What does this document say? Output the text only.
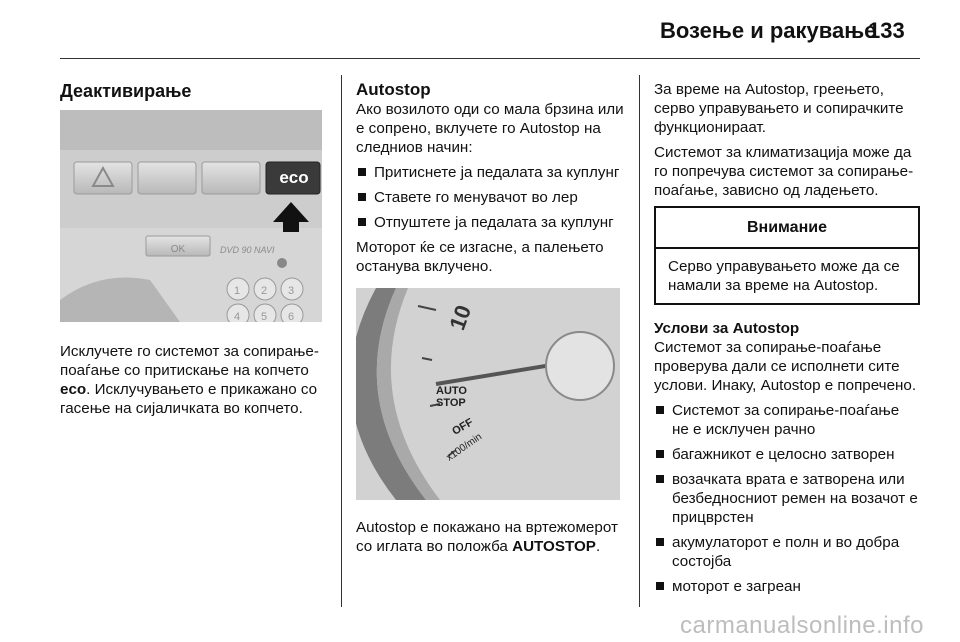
Возење и ракување
133
Деактивирање
eco
OK	DVD 90 NAVI
1 2 3
4 5 6

Исклучете го системот за сопирање-поаѓање со притискање на копчето eco. Исклучувањето е прикажано со гасење на сијаличката во копчето.

Autostop

Ако возилото оди со мала брзина или е сопрено, вклучете го Autostop на следниов начин:

Притиснете ја педалата за куплунг
Ставете го менувачот во лер
Отпуштете ја педалата за куплунг

Моторот ќе се изгасне, а палењето останува вклучено.

10
AUTO
STOP
OFF
x100/min

Autostop е покажано на вртежомерот со иглата во положба AUTOSTOP.

За време на Autostop, греењето, серво управувањето и сопирачките функционираат.

Системот за климатизација може да го попречува системот за сопирање-поаѓање, зависно од ладењето.

Внимание
Серво управувањето може да се намали за време на Autostop.
Услови за Autostop

Системот за сопирање-поаѓање проверува дали се исполнети сите услови. Инаку, Autostop е попречено.

Системот за сопирање-поаѓање не е исклучен рачно
багажникот е целосно затворен
возачката врата е затворена или безбедносниот ремен на возачот е прицврстен
акумулаторот е полн и во добра состојба
моторот е загреан
carmanualsonline.info
